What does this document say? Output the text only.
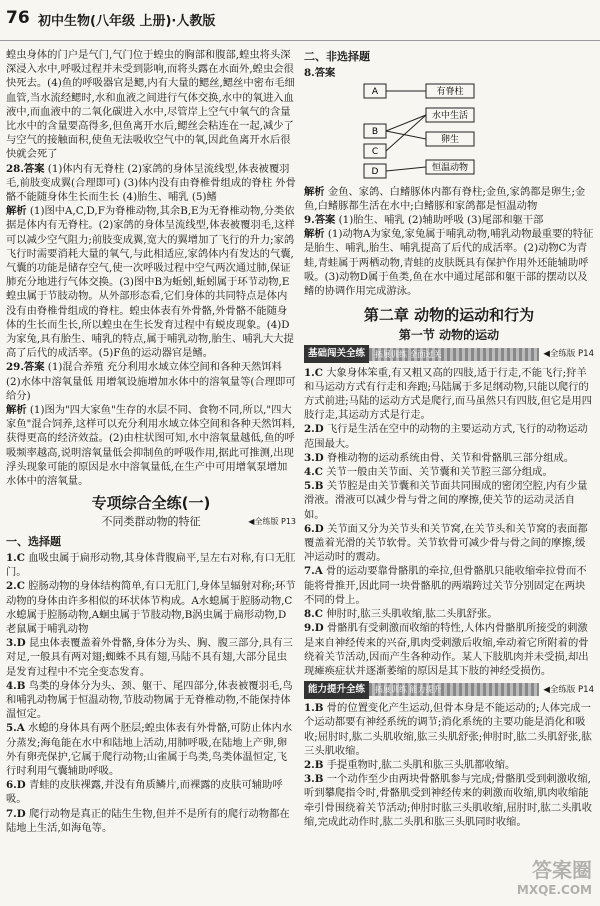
76 初中生物(八年级 上册)·人教版

蝗虫身体的门户是气门,气门位于蝗虫的胸部和腹部,蝗虫将头深深浸入水中,呼吸过程并未受到影响,而将头露在水面外,蝗虫会很快死去。(4)鱼的呼吸器官是鳃,内有大量的鳃丝,鳃丝中密布毛细血管,当水流经鳃时,水和血液之间进行气体交换,水中的氧进入血液中,而血液中的二氧化碳进入水中,尽管岸上空气中氧气的含量比水中的含量要高得多,但鱼离开水后,鳃丝会粘连在一起,减少了与空气的接触面积,使鱼无法吸收空气中的氧,因此鱼离开水后很快就会死了

28.答案 (1)体内有无脊柱 (2)家鸽的身体呈流线型,体表被覆羽毛,前肢变成翼(合理即可) (3)体内没有由脊椎骨组成的脊柱 外骨骼不能随身体生长而生长 (4)胎生、哺乳 (5)鳍

解析 (1)图中A,C,D,F为脊椎动物,其余B,E为无脊椎动物,分类依据是体内有无脊柱。(2)家鸽的身体呈流线型,体表被覆羽毛,这样可以减少空气阻力;前肢变成翼,宽大的翼增加了飞行的升力;家鸽飞行时需要消耗大量的氧气,与此相适应,家鸽体内有发达的气囊,气囊的功能是储存空气,使一次呼吸过程中空气两次通过肺,保证肺充分地进行气体交换。(3)图中B为蚯蚓,蚯蚓属于环节动物,E蝗虫属于节肢动物。从外部形态看,它们身体的共同特点是体内没有由脊椎骨组成的脊柱。蝗虫体表有外骨骼,外骨骼不能随身体的生长而生长,所以蝗虫在生长发育过程中有蜕皮现象。(4)D为家兔,具有胎生、哺乳的特点,属于哺乳动物,胎生、哺乳大大提高了后代的成活率。(5)F鱼的运动器官是鳍。

29.答案 (1)混合养殖 充分利用水域立体空间和各种天然饵料 (2)水体中溶氧量低 用增氧设施增加水体中的溶氧量等(合理即可给分)

解析 (1)图为"四大家鱼"生存的水层不同、食物不同,所以,"四大家鱼"混合饲养,这样可以充分利用水域立体空间和各种天然饵料,获得更高的经济效益。(2)由柱状图可知,水中溶氧量越低,鱼的呼吸频率越高,说明溶氧量低会抑制鱼的呼吸作用,据此可推测,出现浮头现象可能的原因是水中溶氧量低,在生产中可用增氧泵增加水体中的溶氧量。

专项综合全练(一)
不同类群动物的特征	◀全练版 P13
一、选择题

1.C 血吸虫属于扁形动物,其身体背腹扁平,呈左右对称,有口无肛门。

2.C 腔肠动物的身体结构简单,有口无肛门,身体呈辐射对称;环节动物的身体由许多相似的环状体节构成。A水螅属于腔肠动物,C水螅属于腔肠动物,A蛔虫属于节肢动物,B涡虫属于扁形动物,D老鼠属于哺乳动物

3.D 昆虫体表覆盖着外骨骼,身体分为头、胸、腹三部分,具有三对足,一般具有两对翅;蜘蛛不具有翅,马陆不具有翅,大部分昆虫是发育过程中不完全变态发育。

4.B 鸟类的身体分为头、颈、躯干、尾四部分,体表被覆羽毛,鸟和哺乳动物属于恒温动物,节肢动物属于无脊椎动物,不能保持体温恒定。

5.A 水螅的身体具有两个胚层;蝗虫体表有外骨骼,可防止体内水分蒸发;海龟能在水中和陆地上活动,用肺呼吸,在陆地上产卵,卵外有卵壳保护,它属于爬行动物;山雀属于鸟类,鸟类体温恒定,飞行时利用气囊辅助呼吸。

6.D 青蛙的皮肤裸露,并没有角质鳞片,而裸露的皮肤可辅助呼吸。

7.D 爬行动物是真正的陆生生物,但并不是所有的爬行动物都在陆地上生活,如海龟等。

二、非选择题

8.答案

A
B
C
D
有脊柱
水中生活
卵生
恒温动物

解析 金鱼、家鸽、白鳍豚体内都有脊柱;金鱼,家鸽都是卵生;金鱼,白鳍豚都生活在水中;白鳍豚和家鸽都是恒温动物

9.答案 (1)胎生、哺乳 (2)辅助呼吸 (3)尾部和躯干部

解析 (1)动物A为家兔,家兔属于哺乳动物,哺乳动物最重要的特征是胎生、哺乳,胎生、哺乳提高了后代的成活率。(2)动物C为青蛙,青蛙属于两栖动物,青蛙的皮肤既具有保护作用外还能辅助呼吸。(3)动物D属于鱼类,鱼在水中通过尾部和躯干部的摆动以及鳍的协调作用完成游泳。

第二章 动物的运动和行为
第一节 动物的运动
基础闯关全练	拓展训练 全面过关	◀全练版 P14

1.C 大象身体笨重,有又粗又高的四肢,适于行走,不能飞行;狩羊和马运动方式有行走和奔跑;马陆属于多足纲动物,只能以爬行的方式前进;马陆的运动方式是爬行,而马虽然只有四肢,但它是用四肢行走,其运动方式是行走。

2.D 飞行是生活在空中的动物的主要运动方式,飞行的动物运动范围最大。

3.D 脊椎动物的运动系统由骨、关节和骨骼肌三部分组成。

4.C 关节一般由关节面、关节囊和关节腔三部分组成。

5.B 关节腔是由关节囊和关节面共同围成的密闭空腔,内有少量滑液。滑液可以减少骨与骨之间的摩擦,使关节的运动灵活自如。

6.D 关节面又分为关节头和关节窝,在关节头和关节窝的表面都覆盖着光滑的关节软骨。关节软骨可减少骨与骨之间的摩擦,缓冲运动时的震动。

7.A 骨的运动要靠骨骼肌的牵拉,但骨骼肌只能收缩牵拉骨而不能将骨推开,因此同一块骨骼肌的两端跨过关节分别固定在两块不同的骨上。

8.C 伸肘时,肱三头肌收缩,肱二头肌舒张。

9.D 骨骼肌有受刺激而收缩的特性,人体内骨骼肌所接受的刺激是来自神经传来的兴奋,肌肉受刺激后收缩,牵动着它所附着的骨绕着关节活动,因而产生各种动作。某人下肢肌肉并未受损,却出现瘫痪症状并逐渐萎缩的原因是其下肢的神经受损伤。

能力提升全练	拓展训练 能力提升	◀全练版 P14

1.B 骨的位置变化产生运动,但骨本身是不能运动的;人体完成一个运动都要有神经系统的调节;消化系统的主要功能是消化和吸收;屈肘时,肱二头肌收缩,肱三头肌舒张;伸肘时,肱二头肌舒张,肱三头肌收缩。

2.B 手提重物时,肱二头肌和肱三头肌都收缩。

3.B 一个动作至少由两块骨骼肌参与完成;骨骼肌受到刺激收缩,听到攀爬指令时,骨骼肌受到神经传来的刺激而收缩,肌肉收缩能牵引骨围绕着关节活动;伸肘时肱三头肌收缩,屈肘时,肱二头肌收缩,完成此动作时,肱二头肌和肱三头肌同时收缩。

答案圈
MXQE.COM
